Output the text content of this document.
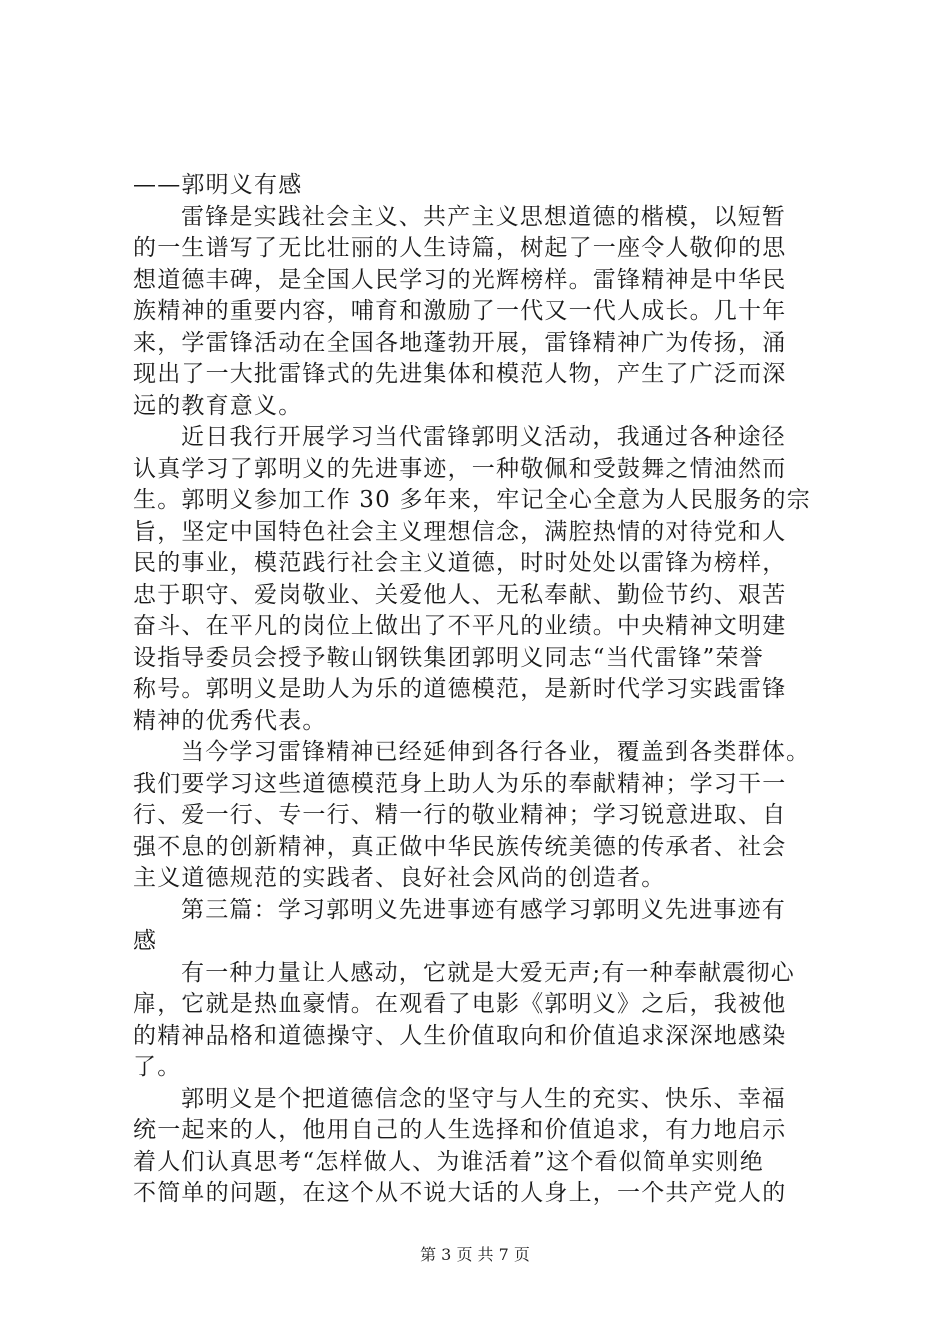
——郭明义有感
雷锋是实践社会主义、共产主义思想道德的楷模，以短暂
的一生谱写了无比壮丽的人生诗篇，树起了一座令人敬仰的思
想道德丰碑，是全国人民学习的光辉榜样。雷锋精神是中华民
族精神的重要内容，哺育和激励了一代又一代人成长。几十年
来，学雷锋活动在全国各地蓬勃开展，雷锋精神广为传扬，涌
现出了一大批雷锋式的先进集体和模范人物，产生了广泛而深
远的教育意义。
近日我行开展学习当代雷锋郭明义活动，我通过各种途径
认真学习了郭明义的先进事迹，一种敬佩和受鼓舞之情油然而
生。郭明义参加工作 30 多年来，牢记全心全意为人民服务的宗
旨，坚定中国特色社会主义理想信念，满腔热情的对待党和人
民的事业，模范践行社会主义道德，时时处处以雷锋为榜样，
忠于职守、爱岗敬业、关爱他人、无私奉献、勤俭节约、艰苦
奋斗、在平凡的岗位上做出了不平凡的业绩。中央精神文明建
设指导委员会授予鞍山钢铁集团郭明义同志“当代雷锋”荣誉
称号。郭明义是助人为乐的道德模范，是新时代学习实践雷锋
精神的优秀代表。
当今学习雷锋精神已经延伸到各行各业，覆盖到各类群体。
我们要学习这些道德模范身上助人为乐的奉献精神；学习干一
行、爱一行、专一行、精一行的敬业精神；学习锐意进取、自
强不息的创新精神，真正做中华民族传统美德的传承者、社会
主义道德规范的实践者、良好社会风尚的创造者。
第三篇：学习郭明义先进事迹有感学习郭明义先进事迹有
感
有一种力量让人感动，它就是大爱无声;有一种奉献震彻心
扉，它就是热血豪情。在观看了电影《郭明义》之后，我被他
的精神品格和道德操守、人生价值取向和价值追求深深地感染
了。
郭明义是个把道德信念的坚守与人生的充实、快乐、幸福
统一起来的人，他用自己的人生选择和价值追求，有力地启示
着人们认真思考“怎样做人、为谁活着”这个看似简单实则绝
不简单的问题，在这个从不说大话的人身上，一个共产党人的
第 3 页 共 7 页
